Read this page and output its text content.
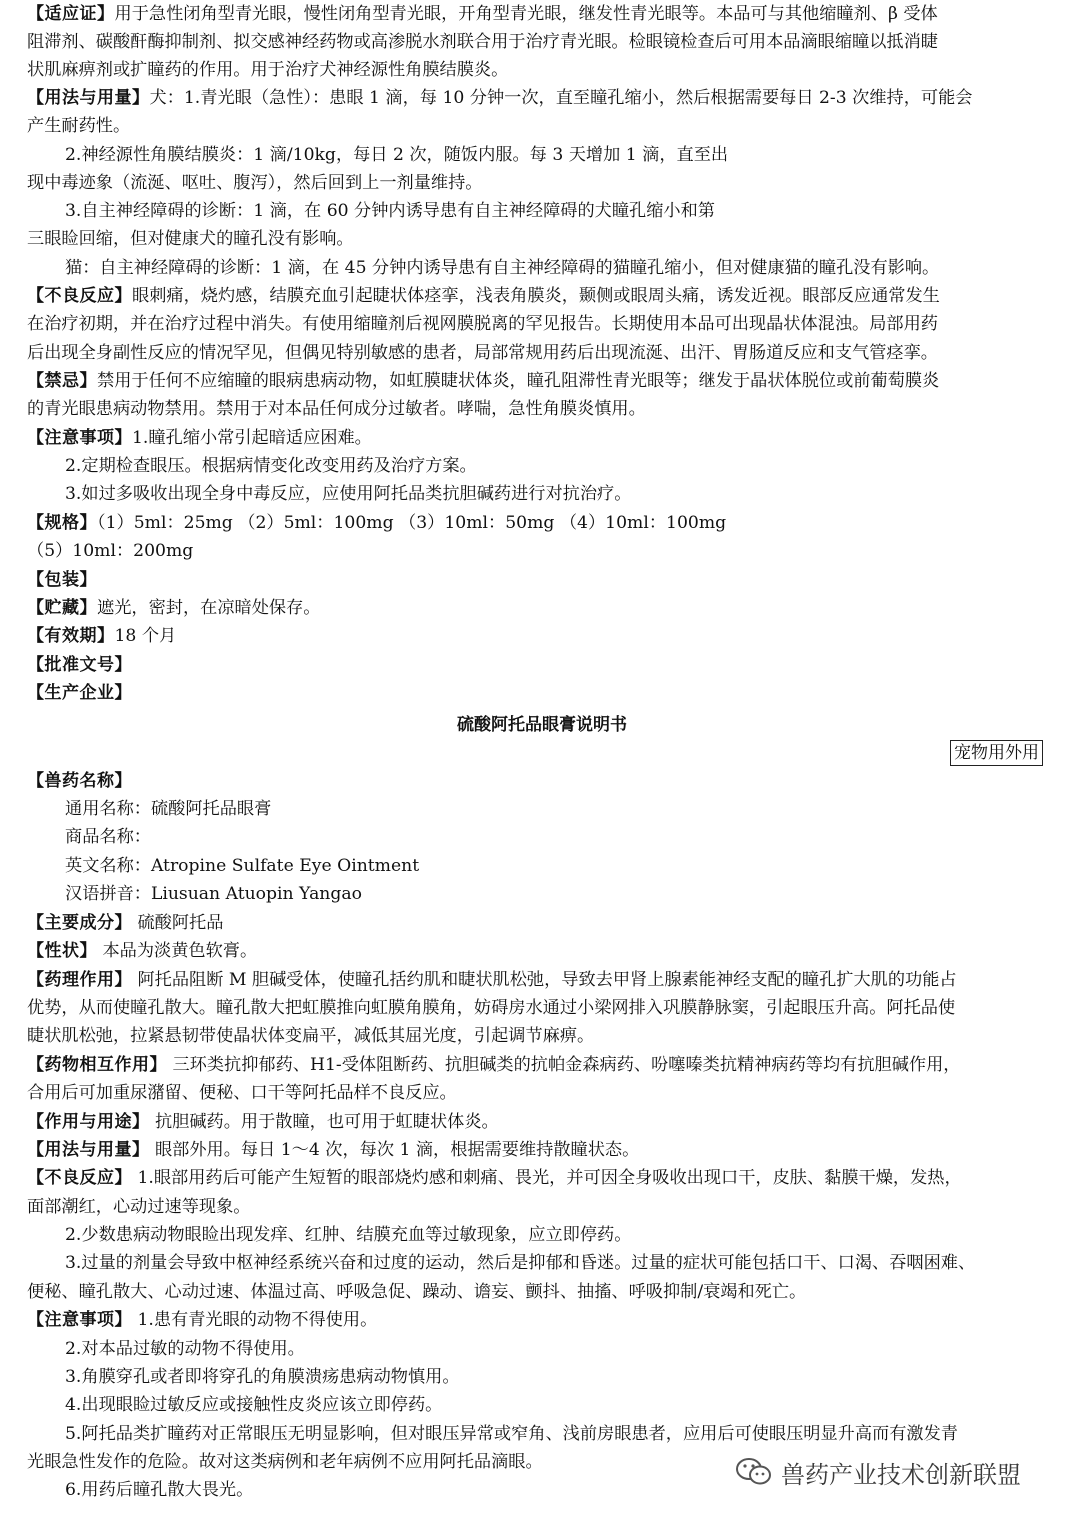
【适应证】用于急性闭角型青光眼，慢性闭角型青光眼，开角型青光眼，继发性青光眼等。本品可与其他缩瞳剂、β 受体
阻滞剂、碳酸酐酶抑制剂、拟交感神经药物或高渗脱水剂联合用于治疗青光眼。检眼镜检查后可用本品滴眼缩瞳以抵消睫
状肌麻痹剂或扩瞳药的作用。用于治疗犬神经源性角膜结膜炎。
【用法与用量】犬：1.青光眼（急性）：患眼 1 滴，每 10 分钟一次，直至瞳孔缩小，然后根据需要每日 2-3 次维持，可能会
产生耐药性。
2.神经源性角膜结膜炎：1 滴/10kg，每日 2 次，随饭内服。每 3 天增加 1 滴，直至出
现中毒迹象（流涎、呕吐、腹泻），然后回到上一剂量维持。
3.自主神经障碍的诊断：1 滴，在 60 分钟内诱导患有自主神经障碍的犬瞳孔缩小和第
三眼睑回缩，但对健康犬的瞳孔没有影响。
猫：自主神经障碍的诊断：1 滴，在 45 分钟内诱导患有自主神经障碍的猫瞳孔缩小，但对健康猫的瞳孔没有影响。
【不良反应】眼刺痛，烧灼感，结膜充血引起睫状体痉挛，浅表角膜炎，颞侧或眼周头痛，诱发近视。眼部反应通常发生
在治疗初期，并在治疗过程中消失。有使用缩瞳剂后视网膜脱离的罕见报告。长期使用本品可出现晶状体混浊。局部用药
后出现全身副性反应的情况罕见，但偶见特别敏感的患者，局部常规用药后出现流涎、出汗、胃肠道反应和支气管痉挛。
【禁忌】禁用于任何不应缩瞳的眼病患病动物，如虹膜睫状体炎，瞳孔阻滞性青光眼等；继发于晶状体脱位或前葡萄膜炎
的青光眼患病动物禁用。禁用于对本品任何成分过敏者。哮喘，急性角膜炎慎用。
【注意事项】1.瞳孔缩小常引起暗适应困难。
2.定期检查眼压。根据病情变化改变用药及治疗方案。
3.如过多吸收出现全身中毒反应，应使用阿托品类抗胆碱药进行对抗治疗。
【规格】（1）5ml：25mg （2）5ml：100mg （3）10ml：50mg （4）10ml：100mg
（5）10ml：200mg
【包装】
【贮藏】遮光，密封，在凉暗处保存。
【有效期】18 个月
【批准文号】
【生产企业】
硫酸阿托品眼膏说明书
宠物用外用
【兽药名称】
通用名称：硫酸阿托品眼膏
商品名称：
英文名称：Atropine Sulfate Eye Ointment
汉语拼音：Liusuan Atuopin Yangao
【主要成分】 硫酸阿托品
【性状】 本品为淡黄色软膏。
【药理作用】 阿托品阻断 M 胆碱受体，使瞳孔括约肌和睫状肌松弛，导致去甲肾上腺素能神经支配的瞳孔扩大肌的功能占
优势，从而使瞳孔散大。瞳孔散大把虹膜推向虹膜角膜角，妨碍房水通过小梁网排入巩膜静脉窦，引起眼压升高。阿托品使
睫状肌松弛，拉紧悬韧带使晶状体变扁平，减低其屈光度，引起调节麻痹。
【药物相互作用】 三环类抗抑郁药、H1-受体阻断药、抗胆碱类的抗帕金森病药、吩噻嗪类抗精神病药等均有抗胆碱作用，
合用后可加重尿潴留、便秘、口干等阿托品样不良反应。
【作用与用途】 抗胆碱药。用于散瞳，也可用于虹睫状体炎。
【用法与用量】 眼部外用。每日 1～4 次，每次 1 滴，根据需要维持散瞳状态。
【不良反应】 1.眼部用药后可能产生短暂的眼部烧灼感和刺痛、畏光，并可因全身吸收出现口干，皮肤、黏膜干燥，发热，
面部潮红，心动过速等现象。
2.少数患病动物眼睑出现发痒、红肿、结膜充血等过敏现象，应立即停药。
3.过量的剂量会导致中枢神经系统兴奋和过度的运动，然后是抑郁和昏迷。过量的症状可能包括口干、口渴、吞咽困难、
便秘、瞳孔散大、心动过速、体温过高、呼吸急促、躁动、谵妄、颤抖、抽搐、呼吸抑制/衰竭和死亡。
【注意事项】 1.患有青光眼的动物不得使用。
2.对本品过敏的动物不得使用。
3.角膜穿孔或者即将穿孔的角膜溃疡患病动物慎用。
4.出现眼睑过敏反应或接触性皮炎应该立即停药。
5.阿托品类扩瞳药对正常眼压无明显影响，但对眼压异常或窄角、浅前房眼患者，应用后可使眼压明显升高而有激发青
光眼急性发作的危险。故对这类病例和老年病例不应用阿托品滴眼。
6.用药后瞳孔散大畏光。
兽药产业技术创新联盟
